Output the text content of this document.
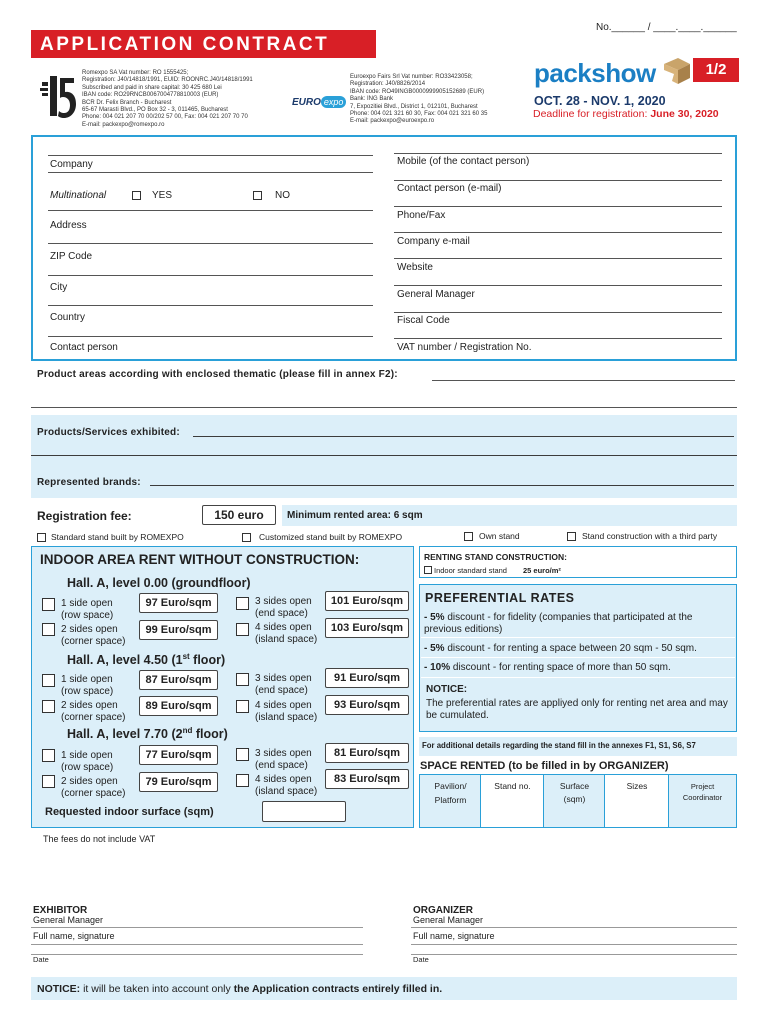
No.______ / ____.____.______
APPLICATION CONTRACT
Romexpo SA Vat number: RO 1555425;
Registration: J40/14818/1991, EUID: ROONRC.J40/14818/1991
Subscribed and paid in share capital: 30 425 680 Lei
IBAN code: RO29RNCB0067004778810003 (EUR)
BCR Dr. Felix Branch - Bucharest
65-67 Marasti Blvd., PO Box 32 - 3, 011465, Bucharest
Phone: 004 021 207 70 00/202 57 00, Fax: 004 021 207 70 70
E-mail: packexpo@romexpo.ro
EURO expo
Euroexpo Fairs Srl Vat number: RO33423058;
Registration: J40/8826/2014
IBAN code: RO49INGB0000999905152689 (EUR)
Bank: ING Bank
7, Expozitiei Blvd., District 1, 012101, Bucharest
Phone: 004 021 321 60 30, Fax: 004 021 321 60 35
E-mail: packexpo@euroexpo.ro
packshow	1/2
OCT. 28 - NOV. 1, 2020
Deadline for registration: June 30, 2020
Company
Multinational	YES	NO
Address
ZIP Code
City
Country
Contact person
Mobile (of the contact person)
Contact person (e-mail)
Phone/Fax
Company e-mail
Website
General Manager
Fiscal Code
VAT number / Registration No.
Product areas according with enclosed thematic (please fill in annex F2):
Products/Services exhibited:
Represented brands:
Registration fee:	150 euro	Minimum rented area: 6 sqm
Standard stand built by ROMEXPO	Customized stand built by ROMEXPO	Own stand	Stand construction with a third party
INDOOR AREA RENT WITHOUT CONSTRUCTION:
Hall. A, level 0.00 (groundfloor)
1 side open
(row space)
97 Euro/sqm
2 sides open
(corner space)
99 Euro/sqm
3 sides open
(end space)
101 Euro/sqm
4 sides open
(island space)
103 Euro/sqm
Hall. A, level 4.50 (1st floor)
1 side open
(row space)
87 Euro/sqm
2 sides open
(corner space)
89 Euro/sqm
3 sides open
(end space)
91 Euro/sqm
4 sides open
(island space)
93 Euro/sqm
Hall. A, level 7.70 (2nd floor)
1 side open
(row space)
77 Euro/sqm
2 sides open
(corner space)
79 Euro/sqm
3 sides open
(end space)
81 Euro/sqm
4 sides open
(island space)
83 Euro/sqm
Requested indoor surface (sqm)
RENTING STAND CONSTRUCTION:
Indoor standard stand 25 euro/m²
PREFERENTIAL RATES
- 5% discount - for fidelity (companies that participated at the previous editions)
- 5% discount - for renting a space between 20 sqm - 50 sqm.
- 10% discount - for renting space of more than 50 sqm.
NOTICE:
The preferential rates are appliyed only for renting net area and may be cumulated.
For additional details regarding the stand fill in the annexes F1, S1, S6, S7
SPACE RENTED (to be filled in by ORGANIZER)
Pavilion/
Platform
Stand no.	Surface
(sqm)
Sizes	Project
Coordinator
The fees do not include VAT
EXHIBITOR
General Manager
Full name, signature
Date
ORGANIZER
General Manager
Full name, signature
Date
NOTICE: it will be taken into account only the Application contracts entirely filled in.
